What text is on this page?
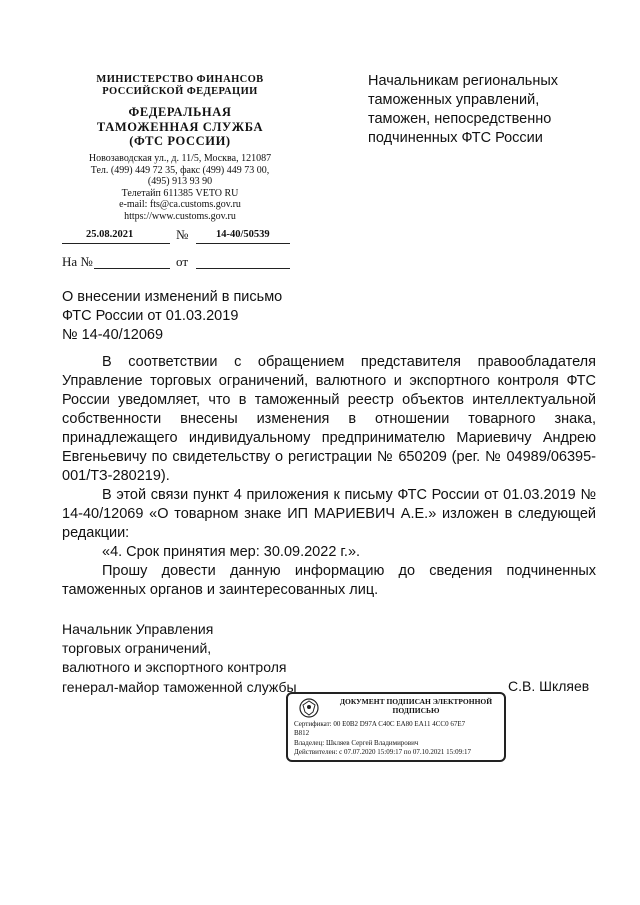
МИНИСТЕРСТВО ФИНАНСОВ
РОССИЙСКОЙ ФЕДЕРАЦИИ
ФЕДЕРАЛЬНАЯ
ТАМОЖЕННАЯ СЛУЖБА
(ФТС РОССИИ)
Новозаводская ул., д. 11/5, Москва, 121087
Тел. (499) 449 72 35, факс (499) 449 73 00,
(495) 913 93 90
Телетайп 611385 VETO RU
e-mail: fts@ca.customs.gov.ru
https://www.customs.gov.ru
25.08.2021	№	14-40/50539
На №	от
Начальникам региональных
таможенных управлений,
таможен, непосредственно
подчиненных ФТС России
О внесении изменений в письмо
ФТС России от 01.03.2019
№ 14-40/12069

В соответствии с обращением представителя правообладателя Управление торговых ограничений, валютного и экспортного контроля ФТС России уведомляет, что в таможенный реестр объектов интеллектуальной собственности внесены изменения в отношении товарного знака, принадлежащего индивидуальному предпринимателю Мариевичу Андрею Евгеньевичу по свидетельству о регистрации № 650209 (рег. № 04989/06395-001/ТЗ-280219).

В этой связи пункт 4 приложения к письму ФТС России от 01.03.2019 № 14-40/12069 «О товарном знаке ИП МАРИЕВИЧ А.Е.» изложен в следующей редакции:

«4. Срок принятия мер: 30.09.2022 г.».

Прошу довести данную информацию до сведения подчиненных таможенных органов и заинтересованных лиц.

Начальник Управления
торговых ограничений,
валютного и экспортного контроля
генерал-майор таможенной службы	С.В. Шкляев
ДОКУМЕНТ ПОДПИСАН ЭЛЕКТРОННОЙ
ПОДПИСЬЮ
Сертификат: 00 E0B2 D97A C40C EA80 EA11 4CC0 67E7
B812
Владелец: Шкляев Сергей Владимирович
Действителен: с 07.07.2020 15:09:17 по 07.10.2021 15:09:17
